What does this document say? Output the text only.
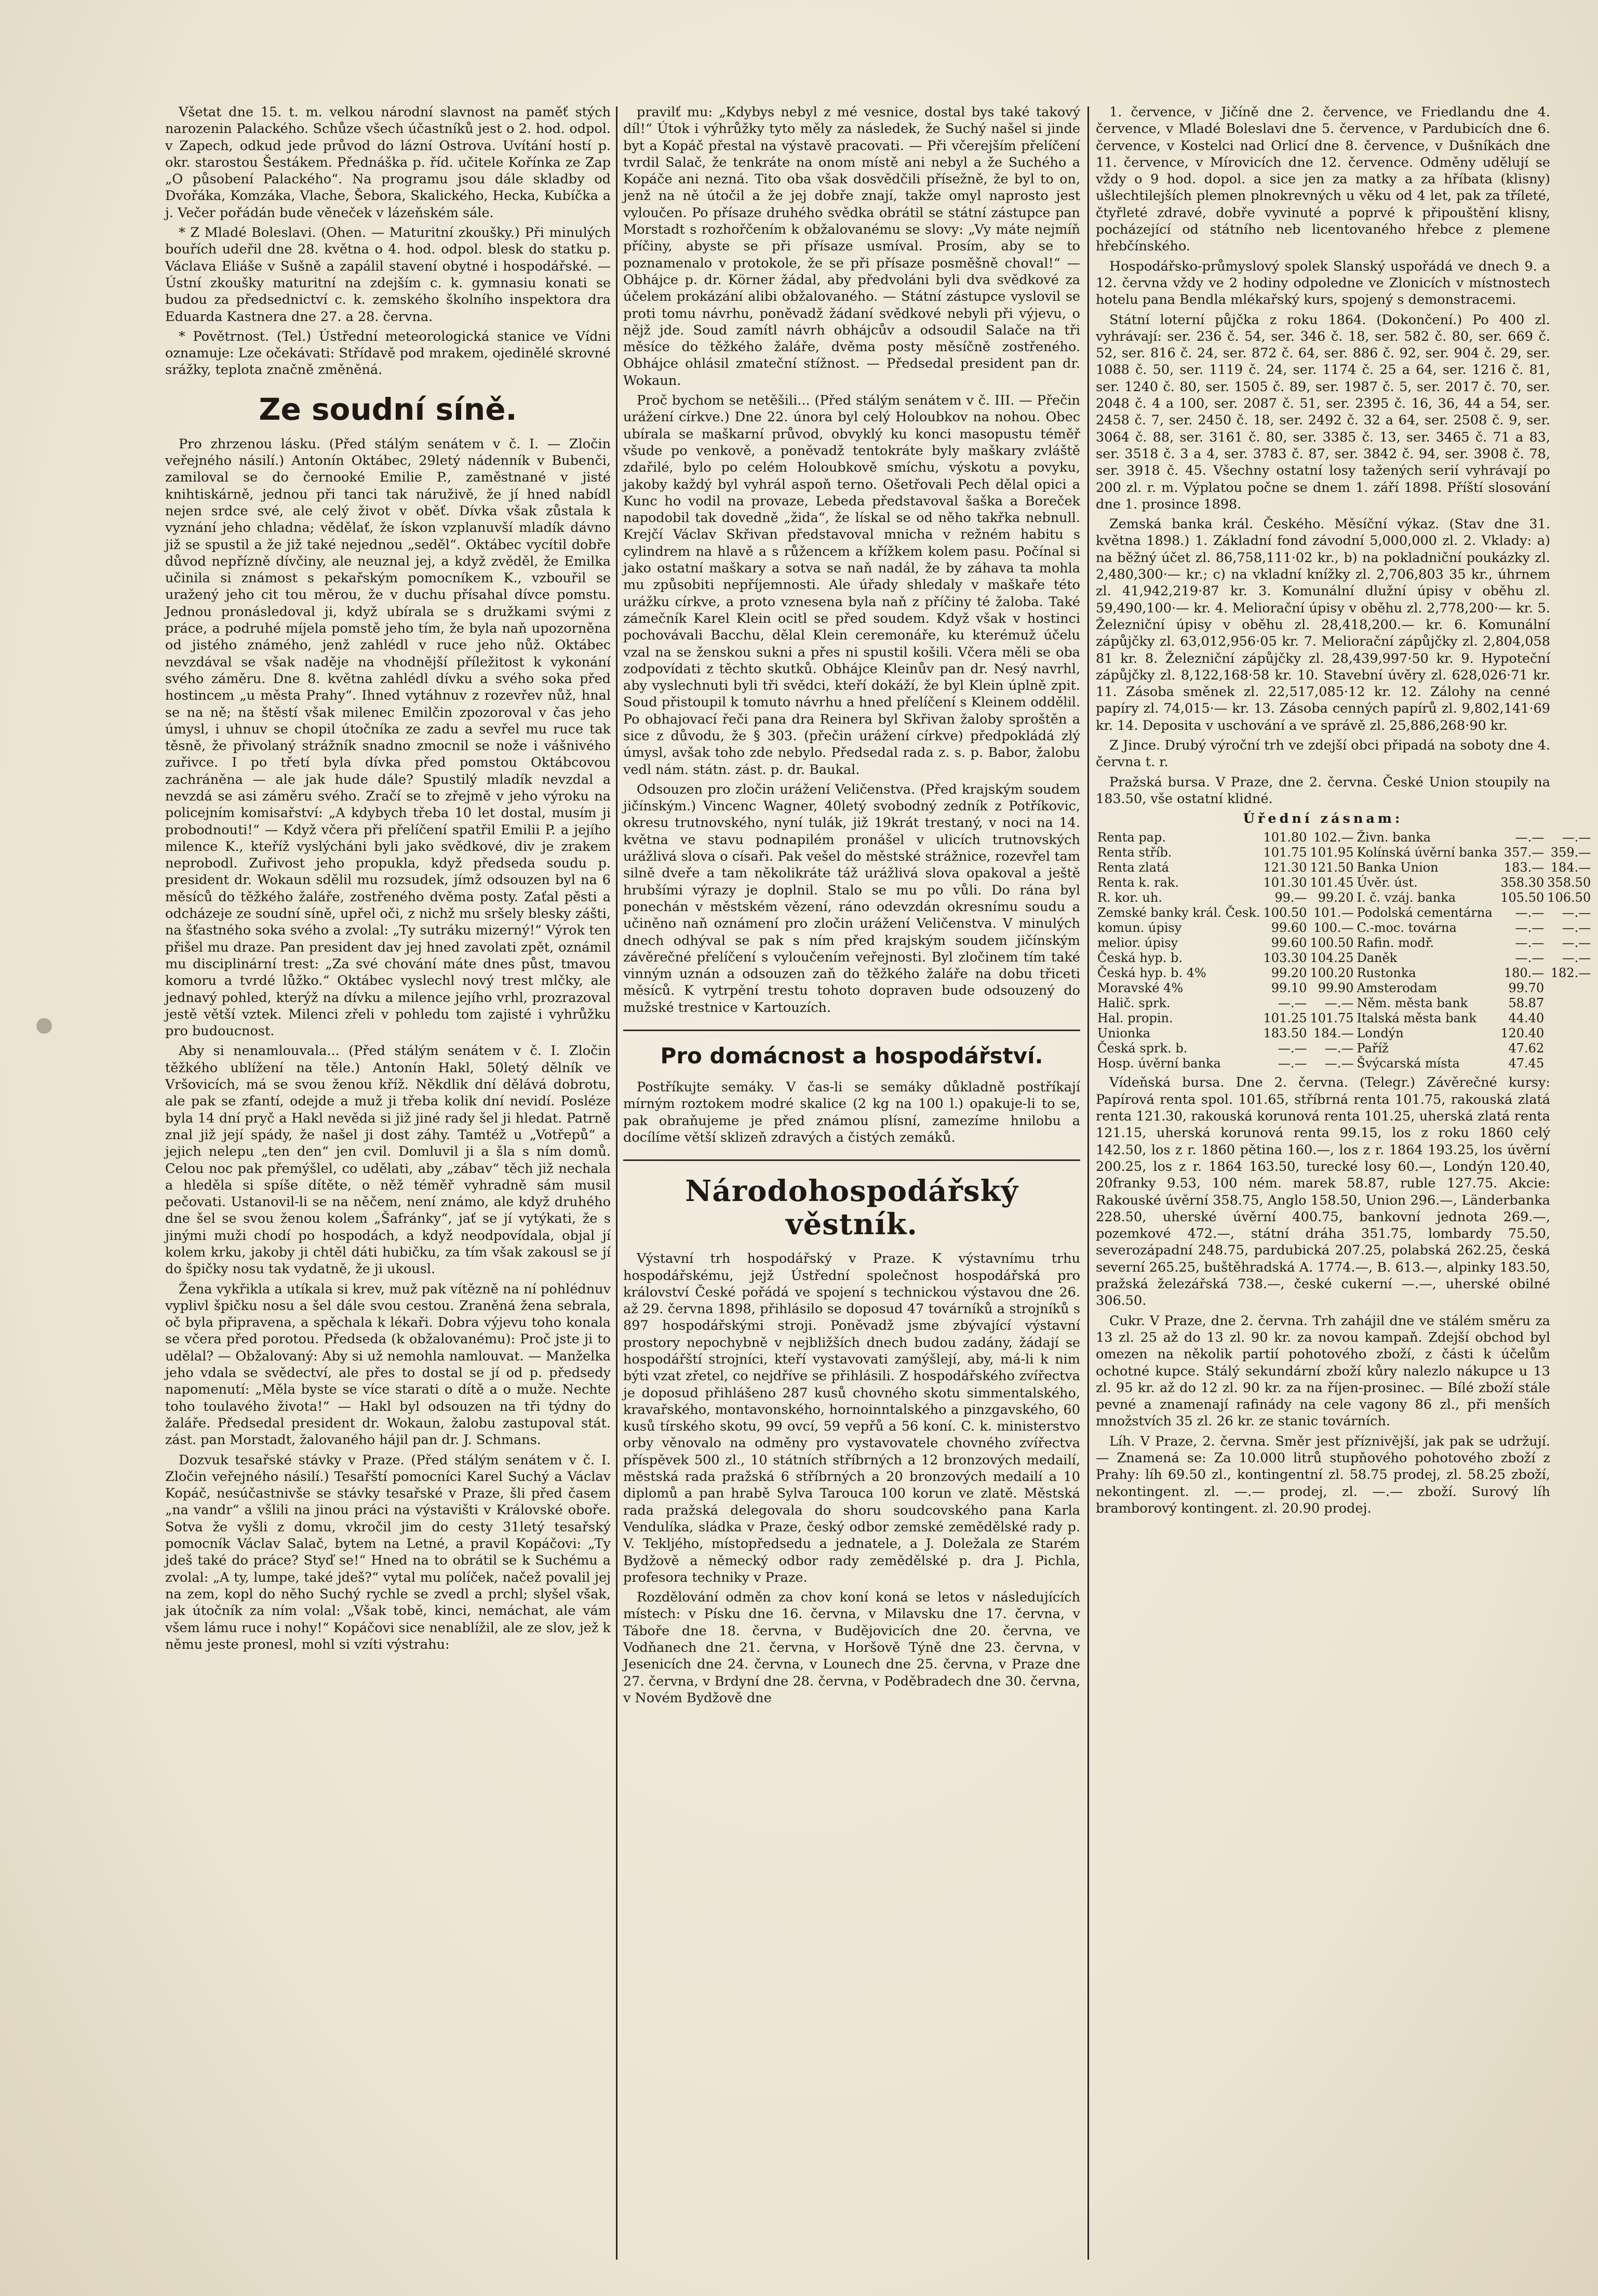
Všetat dne 15. t. m. velkou národní slavnost na paměť stých narozenin Palackého. Schůze všech účastníků jest o 2. hod. odpol. v Zapech, odkud jede průvod do lázní Ostrova. Uvítání hostí p. okr. starostou Šestákem. Přednáška p. říd. učitele Kořínka ze Zap „O působení Palackého“. Na programu jsou dále skladby od Dvořáka, Komzáka, Vlache, Šebora, Skalického, Hecka, Kubíčka a j. Večer pořádán bude věneček v lázeňském sále.

* Z Mladé Boleslavi. (Ohen. — Maturitní zkoušky.) Při minulých bouřích udeřil dne 28. května o 4. hod. odpol. blesk do statku p. Václava Eliáše v Sušně a zapálil stavení obytné i hospodářské. — Ústní zkoušky maturitní na zdejším c. k. gymnasiu konati se budou za předsednictví c. k. zemského školního inspektora dra Eduarda Kastnera dne 27. a 28. června.

* Povětrnost. (Tel.) Ústřední meteorologická stanice ve Vídni oznamuje: Lze očekávati: Střídavě pod mrakem, ojedinělé skrovné srážky, teplota značně změněná.

Ze soudní síně.

Pro zhrzenou lásku. (Před stálým senátem v č. I. — Zločin veřejného násilí.) Antonín Oktábec, 29letý nádenník v Bubenči, zamiloval se do černooké Emilie P., zaměstnané v jisté knihtiskárně, jednou při tanci tak náruživě, že jí hned nabídl nejen srdce své, ale celý život v oběť. Dívka však zůstala k vyznání jeho chladna; vědělať, že ískon vzplanuvší mladík dávno již se spustil a že již také nejednou „seděl“. Oktábec vycítil dobře důvod nepřízně dívčiny, ale neuznal jej, a když zvěděl, že Emilka učinila si známost s pekařským pomocníkem K., vzbouřil se uražený jeho cit tou měrou, že v duchu přísahal dívce pomstu. Jednou pronásledoval ji, když ubírala se s družkami svými z práce, a podruhé míjela pomstě jeho tím, že byla naň upozorněna od jistého známého, jenž zahlédl v ruce jeho nůž. Oktábec nevzdával se však naděje na vhodnější příležitost k vykonání svého záměru. Dne 8. května zahlédl dívku a svého soka před hostincem „u města Prahy“. Ihned vytáhnuv z rozevřev nůž, hnal se na ně; na štěstí však milenec Emilčin zpozoroval v čas jeho úmysl, i uhnuv se chopil útočníka ze zadu a sevřel mu ruce tak těsně, že přivolaný strážník snadno zmocnil se nože i vášnivého zuřivce. I po třetí byla dívka před pomstou Oktábcovou zachráněna — ale jak hude dále? Spustilý mladík nevzdal a nevzdá se asi záměru svého. Zračí se to zřejmě v jeho výroku na policejním komisařství: „A kdybych třeba 10 let dostal, musím ji probodnouti!“ — Když včera při přelíčení spatřil Emilii P. a jejího milence K., kteříž vyslýcháni byli jako svědkové, div je zrakem neprobodl. Zuřivost jeho propukla, když předseda soudu p. president dr. Wokaun sdělil mu rozsudek, jímž odsouzen byl na 6 měsíců do těžkého žaláře, zostřeného dvěma posty. Zaťal pěsti a odcházeje ze soudní síně, upřel oči, z nichž mu sršely blesky zášti, na šťastného soka svého a zvolal: „Ty sutráku mizerný!“ Výrok ten přišel mu draze. Pan president dav jej hned zavolati zpět, oznámil mu disciplinární trest: „Za své chování máte dnes půst, tmavou komoru a tvrdé lůžko.“ Oktábec vyslechl nový trest mlčky, ale jednavý pohled, kterýž na dívku a milence jejího vrhl, prozrazoval jestě větší vztek. Milenci zřeli v pohledu tom zajisté i vyhrůžku pro budoucnost.

Aby si nenamlouvala... (Před stálým senátem v č. I. Zločin těžkého ublížení na těle.) Antonín Hakl, 50letý dělník ve Vršovicích, má se svou ženou kříž. Někdlik dní dělává dobrotu, ale pak se zfantí, odejde a muž ji třeba kolik dní nevidí. Posléze byla 14 dní pryč a Hakl nevěda si již jiné rady šel ji hledat. Patrně znal již její spády, že našel ji dost záhy. Tamtéž u „Votřepů“ a jejich nelepu „ten den“ jen cvil. Domluvil ji a šla s ním domů. Celou noc pak přemýšlel, co udělati, aby „zábav“ těch již nechala a hleděla si spíše dítěte, o něž téměř vyhradně sám musil pečovati. Ustanovil-li se na něčem, není známo, ale když druhého dne šel se svou ženou kolem „Šafránky“, jať se jí vytýkati, že s jinými muži chodí po hospodách, a když neodpovídala, objal jí kolem krku, jakoby ji chtěl dáti hubičku, za tím však zakousl se jí do špičky nosu tak vydatně, že ji ukousl.

Žena vykřikla a utíkala si krev, muž pak vítězně na ní pohlédnuv vyplivl špičku nosu a šel dále svou cestou. Zraněná žena sebrala, oč byla připravena, a spěchala k lékaři. Dobra výjevu toho konala se včera před porotou. Předseda (k obžalovanému): Proč jste ji to udělal? — Obžalovaný: Aby si už nemohla namlouvat. — Manželka jeho vdala se svědectví, ale přes to dostal se jí od p. předsedy napomenutí: „Měla byste se více starati o dítě a o muže. Nechte toho toulavého života!“ — Hakl byl odsouzen na tři týdny do žaláře. Předsedal president dr. Wokaun, žalobu zastupoval stát. zást. pan Morstadt, žalovaného hájil pan dr. J. Schmans.

Dozvuk tesařské stávky v Praze. (Před stálým senátem v č. I. Zločin veřejného násilí.) Tesařští pomocníci Karel Suchý a Václav Kopáč, nesúčastnivše se stávky tesařské v Praze, šli před časem „na vandr“ a všlili na jinou práci na výstavišti v Královské oboře. Sotva že vyšli z domu, vkročil jim do cesty 31letý tesařský pomocník Václav Salač, bytem na Letné, a pravil Kopáčovi: „Ty jdeš také do práce? Styď se!“ Hned na to obrátil se k Suchému a zvolal: „A ty, lumpe, také jdeš?“ vytal mu políček, načež povalil jej na zem, kopl do něho Suchý rychle se zvedl a prchl; slyšel však, jak útočník za ním volal: „Však tobě, kinci, nemáchat, ale vám všem lámu ruce i nohy!“ Kopáčovi sice nenablížil, ale ze slov, jež k němu jeste pronesl, mohl si vzíti výstrahu:

pravilť mu: „Kdybys nebyl z mé vesnice, dostal bys také takový díl!“ Útok i výhrůžky tyto měly za následek, že Suchý našel si jinde byt a Kopáč přestal na výstavě pracovati. — Při včerejším přelíčení tvrdil Salač, že tenkráte na onom místě ani nebyl a že Suchého a Kopáče ani nezná. Tito oba však dosvědčili přísežně, že byl to on, jenž na ně útočil a že jej dobře znají, takže omyl naprosto jest vyloučen. Po přísaze druhého svědka obrátil se státní zástupce pan Morstadt s rozhořčením k obžalovanému se slovy: „Vy máte nejmíň příčiny, abyste se při přísaze usmíval. Prosím, aby se to poznamenalo v protokole, že se při přísaze posměšně choval!“ — Obhájce p. dr. Körner žádal, aby předvoláni byli dva svědkové za účelem prokázání alibi obžalovaného. — Státní zástupce vyslovil se proti tomu návrhu, poněvadž žádaní svědkové nebyli při výjevu, o nějž jde. Soud zamítl návrh obhájcův a odsoudil Salače na tři měsíce do těžkého žaláře, dvěma posty měsíčně zostřeného. Obhájce ohlásil zmateční stížnost. — Předsedal president pan dr. Wokaun.

Proč bychom se netěšili... (Před stálým senátem v č. III. — Přečin urážení církve.) Dne 22. února byl celý Holoubkov na nohou. Obec ubírala se maškarní průvod, obvyklý ku konci masopustu téměř všude po venkově, a poněvadž tentokráte byly maškary zvláště zdařilé, bylo po celém Holoubkově smíchu, výskotu a povyku, jakoby každý byl vyhrál aspoň terno. Ošetřovali Pech dělal opici a Kunc ho vodil na provaze, Lebeda představoval šaška a Boreček napodobil tak dovedně „žida“, že lískal se od něho takřka nebnull. Krejčí Václav Skřivan představoval mnicha v režném habitu s cylindrem na hlavě a s růžencem a křížkem kolem pasu. Počínal si jako ostatní maškary a sotva se naň nadál, že by záhava ta mohla mu způsobiti nepříjemnosti. Ale úřady shledaly v maškaře této urážku církve, a proto vznesena byla naň z příčiny té žaloba. Také zámečník Karel Klein ocitl se před soudem. Když však v hostinci pochovávali Bacchu, dělal Klein ceremonáře, ku kterémuž účelu vzal na se ženskou sukni a přes ni spustil košili. Včera měli se oba zodpovídati z těchto skutků. Obhájce Kleinův pan dr. Nesý navrhl, aby vyslechnuti byli tři svědci, kteří dokáží, že byl Klein úplně zpit. Soud přistoupil k tomuto návrhu a hned přelíčení s Kleinem oddělil. Po obhajovací řeči pana dra Reinera byl Skřivan žaloby sproštěn a sice z důvodu, že § 303. (přečin urážení církve) předpokládá zlý úmysl, avšak toho zde nebylo. Předsedal rada z. s. p. Babor, žalobu vedl nám. státn. zást. p. dr. Baukal.

Odsouzen pro zločin urážení Veličenstva. (Před krajským soudem jičínským.) Vincenc Wagner, 40letý svobodný zedník z Potříkovic, okresu trutnovského, nyní tulák, již 19krát trestaný, v noci na 14. května ve stavu podnapilém pronášel v ulicích trutnovských urážlivá slova o císaři. Pak vešel do městské strážnice, rozevřel tam silně dveře a tam několikráte táž urážlivá slova opakoval a ještě hrubšími výrazy je doplnil. Stalo se mu po vůli. Do rána byl ponechán v městském vězení, ráno odevzdán okresnímu soudu a učiněno naň oznámení pro zločin urážení Veličenstva. V minulých dnech odhýval se pak s ním před krajským soudem jičínským závěrečné přelíčení s vyloučením veřejnosti. Byl zločinem tím také vinným uznán a odsouzen zaň do těžkého žaláře na dobu třiceti měsíců. K vytrpění trestu tohoto dopraven bude odsouzený do mužské trestnice v Kartouzích.

Pro domácnost a hospodářství.

Postříkujte semáky. V čas-li se semáky důkladně postříkají mírným roztokem modré skalice (2 kg na 100 l.) opakuje-li to se, pak obraňujeme je před známou plísní, zamezíme hnilobu a docílíme větší sklizeň zdravých a čistých zemáků.

Národohospodářský věstník.

Výstavní trh hospodářský v Praze. K výstavnímu trhu hospodářskému, jejž Ústřední společnost hospodářská pro království České pořádá ve spojení s technickou výstavou dne 26. až 29. června 1898, přihlásilo se doposud 47 továrníků a strojníků s 897 hospodářskými stroji. Poněvadž jsme zbývající výstavní prostory nepochybně v nejbližších dnech budou zadány, žádají se hospodářští strojníci, kteří vystavovati zamýšlejí, aby, má-li k nim býti vzat zřetel, co nejdříve se přihlásili. Z hospodářského zvířectva je doposud přihlášeno 287 kusů chovného skotu simmentalského, kravařského, montavonského, hornoinntalského a pinzgavského, 60 kusů tírského skotu, 99 ovcí, 59 vepřů a 56 koní. C. k. ministerstvo orby věnovalo na odměny pro vystavovatele chovného zvířectva příspěvek 500 zl., 10 státních stříbrných a 12 bronzových medailí, městská rada pražská 6 stříbrných a 20 bronzových medailí a 10 diplomů a pan hrabě Sylva Tarouca 100 korun ve zlatě. Městská rada pražská delegovala do shoru soudcovského pana Karla Vendulíka, sládka v Praze, český odbor zemské zemědělské rady p. V. Tekljého, místopředsedu a jednatele, a J. Doležala ze Starém Bydžově a německý odbor rady zemědělské p. dra J. Pichla, profesora techniky v Praze.

Rozdělování odměn za chov koní koná se letos v následujících místech: v Písku dne 16. června, v Milavsku dne 17. června, v Táboře dne 18. června, v Budějovicích dne 20. června, ve Vodňanech dne 21. června, v Horšově Týně dne 23. června, v Jesenicích dne 24. června, v Lounech dne 25. června, v Praze dne 27. června, v Brdyní dne 28. června, v Poděbradech dne 30. června, v Novém Bydžově dne

1. července, v Jičíně dne 2. července, ve Friedlandu dne 4. července, v Mladé Boleslavi dne 5. července, v Pardubicích dne 6. července, v Kostelci nad Orlicí dne 8. července, v Dušníkách dne 11. července, v Mírovicích dne 12. července. Odměny udělují se vždy o 9 hod. dopol. a sice jen za matky a za hříbata (klisny) ušlechtilejších plemen plnokrevných u věku od 4 let, pak za tříleté, čtyřleté zdravé, dobře vyvinuté a poprvé k připouštění klisny, pocházející od státního neb licentovaného hřebce z plemene hřebčínského.

Hospodářsko-průmyslový spolek Slanský uspořádá ve dnech 9. a 12. června vždy ve 2 hodiny odpoledne ve Zlonicích v místnostech hotelu pana Bendla mlékařský kurs, spojený s demonstracemi.

Státní loterní půjčka z roku 1864. (Dokončení.) Po 400 zl. vyhrávají: ser. 236 č. 54, ser. 346 č. 18, ser. 582 č. 80, ser. 669 č. 52, ser. 816 č. 24, ser. 872 č. 64, ser. 886 č. 92, ser. 904 č. 29, ser. 1088 č. 50, ser. 1119 č. 24, ser. 1174 č. 25 a 64, ser. 1216 č. 81, ser. 1240 č. 80, ser. 1505 č. 89, ser. 1987 č. 5, ser. 2017 č. 70, ser. 2048 č. 4 a 100, ser. 2087 č. 51, ser. 2395 č. 16, 36, 44 a 54, ser. 2458 č. 7, ser. 2450 č. 18, ser. 2492 č. 32 a 64, ser. 2508 č. 9, ser. 3064 č. 88, ser. 3161 č. 80, ser. 3385 č. 13, ser. 3465 č. 71 a 83, ser. 3518 č. 3 a 4, ser. 3783 č. 87, ser. 3842 č. 94, ser. 3908 č. 78, ser. 3918 č. 45. Všechny ostatní losy tažených serií vyhrávají po 200 zl. r. m. Výplatou počne se dnem 1. září 1898. Příští slosování dne 1. prosince 1898.

Zemská banka král. Českého. Měsíční výkaz. (Stav dne 31. května 1898.) 1. Základní fond závodní 5,000,000 zl. 2. Vklady: a) na běžný účet zl. 86,758,111·02 kr., b) na pokladniční poukázky zl. 2,480,300·— kr.; c) na vkladní knížky zl. 2,706,803 35 kr., úhrnem zl. 41,942,219·87 kr. 3. Komunální dlužní úpisy v oběhu zl. 59,490,100·— kr. 4. Meliorační úpisy v oběhu zl. 2,778,200·— kr. 5. Železniční úpisy v oběhu zl. 28,418,200.— kr. 6. Komunální zápůjčky zl. 63,012,956·05 kr. 7. Meliorační zápůjčky zl. 2,804,058 81 kr. 8. Železniční zápůjčky zl. 28,439,997·50 kr. 9. Hypoteční zápůjčky zl. 8,122,168·58 kr. 10. Stavební úvěry zl. 628,026·71 kr. 11. Zásoba směnek zl. 22,517,085·12 kr. 12. Zálohy na cenné papíry zl. 74,015·— kr. 13. Zásoba cenných papírů zl. 9,802,141·69 kr. 14. Deposita v uschování a ve správě zl. 25,886,268·90 kr.

Z Jince. Drubý výroční trh ve zdejší obci připadá na soboty dne 4. června t. r.

Pražská bursa. V Praze, dne 2. června. České Union stoupily na 183.50, vše ostatní klidné.

Úřední zásnam:
Renta pap.	101.80	102.—	Živn. banka	—.—	—.—
Renta stříb.	101.75	101.95	Kolínská úvěrní banka	357.—	359.—
Renta zlatá	121.30	121.50	Banka Union	183.—	184.—
Renta k. rak.	101.30	101.45	Úvěr. úst.	358.30	358.50
R. kor. uh.	99.—	99.20	I. č. vzáj. banka	105.50	106.50
Zemské banky král. Česk.	100.50	101.—	Podolská cementárna	—.—	—.—
komun. úpisy	99.60	100.—	C.-moc. továrna	—.—	—.—
melior. úpisy	99.60	100.50	Rafin. modř.	—.—	—.—
Česká hyp. b.	103.30	104.25	Daněk	—.—	—.—
Česká hyp. b. 4%	99.20	100.20	Rustonka	180.—	182.—
Moravské 4%	99.10	99.90	Amsterodam	99.70	
Halič. sprk.	—.—	—.—	Něm. města bank	58.87	
Hal. propin.	101.25	101.75	Italská města bank	44.40	
Unionka	183.50	184.—	Londýn	120.40	
Česká sprk. b.	—.—	—.—	Paříž	47.62	
Hosp. úvěrní banka	—.—	—.—	Švýcarská místa	47.45	

Vídeňská bursa. Dne 2. června. (Telegr.) Závěrečné kursy: Papírová renta spol. 101.65, stříbrná renta 101.75, rakouská zlatá renta 121.30, rakouská korunová renta 101.25, uherská zlatá renta 121.15, uherská korunová renta 99.15, los z roku 1860 celý 142.50, los z r. 1860 pětina 160.—, los z r. 1864 193.25, los úvěrní 200.25, los z r. 1864 163.50, turecké losy 60.—, Londýn 120.40, 20franky 9.53, 100 ném. marek 58.87, ruble 127.75. Akcie: Rakouské úvěrní 358.75, Anglo 158.50, Union 296.—, Länderbanka 228.50, uherské úvěrní 400.75, bankovní jednota 269.—, pozemkové 472.—, státní dráha 351.75, lombardy 75.50, severozápadní 248.75, pardubická 207.25, polabská 262.25, česká severní 265.25, buštěhradská A. 1774.—, B. 613.—, alpinky 183.50, pražská železářská 738.—, české cukerní —.—, uherské obilné 306.50.

Cukr. V Praze, dne 2. června. Trh zahájil dne ve stálém směru za 13 zl. 25 až do 13 zl. 90 kr. za novou kampaň. Zdejší obchod byl omezen na několik partií pohotového zboží, z části k účelům ochotné kupce. Stálý sekundární zboží kůry nalezlo nákupce u 13 zl. 95 kr. až do 12 zl. 90 kr. za na říjen-prosinec. — Bílé zboží stále pevné a znamenají rafinády na cele vagony 86 zl., při menších množstvích 35 zl. 26 kr. ze stanic továrních.

Líh. V Praze, 2. června. Směr jest příznivější, jak pak se udržují. — Znamená se: Za 10.000 litrů stupňového pohotového zboží z Prahy: líh 69.50 zl., kontingentní zl. 58.75 prodej, zl. 58.25 zboží, nekontingent. zl. —.— prodej, zl. —.— zboží. Surový líh bramborový kontingent. zl. 20.90 prodej.
